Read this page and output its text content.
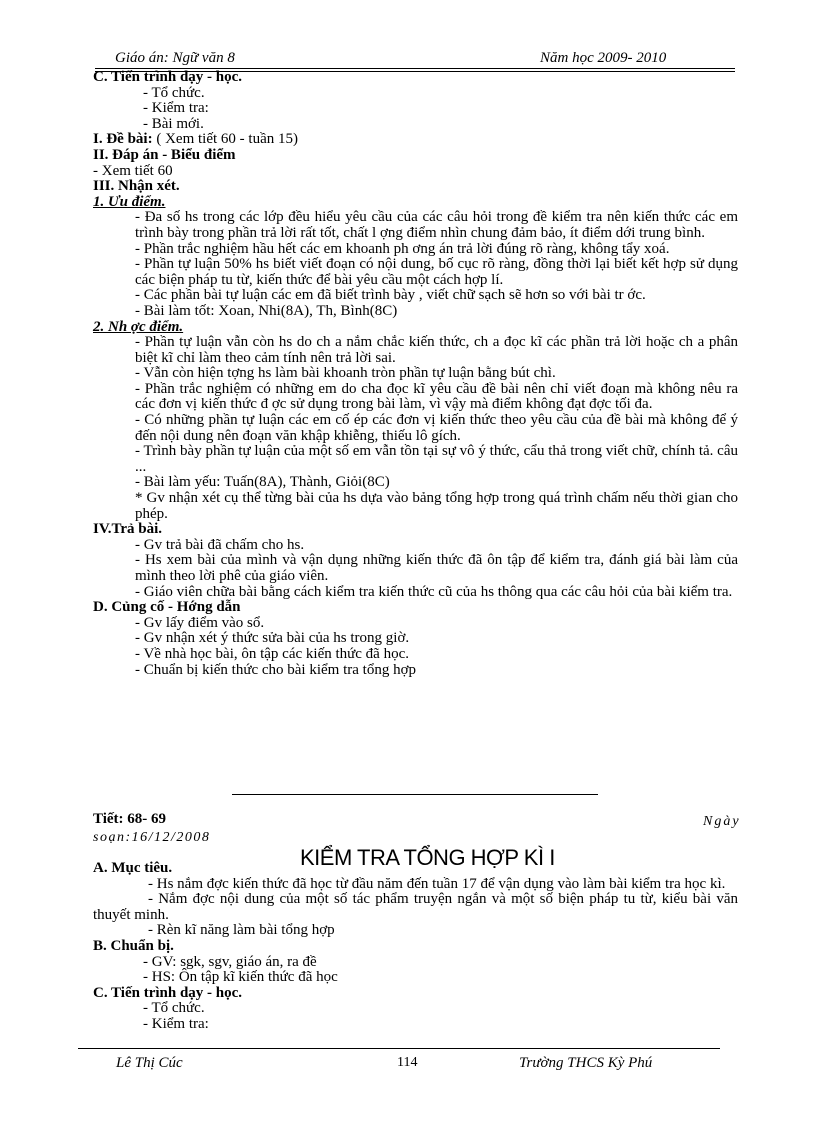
Giáo án: Ngữ văn 8	Năm học 2009- 2010

C. Tiến trình dạy - học.

- Tổ chức.

- Kiểm tra:

- Bài mới.

I. Đề bài: ( Xem tiết 60 - tuần 15)

II. Đáp án - Biểu điểm

- Xem tiết 60

III. Nhận xét.

1. Ưu điểm.

- Đa số hs trong các lớp đều hiểu yêu cầu của các câu hỏi trong đề kiểm tra nên kiến thức các em trình bày trong phần trả lời rất tốt, chất l ợng điểm nhìn chung đảm bảo, ít điểm dới trung bình.

- Phần trắc nghiệm hầu hết các em khoanh ph ơng án trả lời đúng rõ ràng, không tẩy xoá.

- Phần tự luận 50% hs biết viết đoạn có nội dung, bố cục rõ ràng, đồng thời lại biết kết hợp sử dụng các biện pháp tu từ, kiến thức để bài yêu cầu một cách hợp lí.

- Các phần bài tự luận các em đã biết trình bày , viết chữ sạch sẽ hơn so với bài tr ớc.

- Bài làm tốt: Xoan, Nhi(8A), Th, Bình(8C)

2. Nh ợc điểm.

- Phần tự luận vẫn còn hs do ch a nắm chắc kiến thức, ch a đọc kĩ các phần trả lời hoặc ch a phân biệt kĩ chỉ làm theo cảm tính nên trả lời sai.

- Vẫn còn hiện tợng hs làm bài khoanh tròn phần tự luận bằng bút chì.

- Phần trắc nghiệm có những em do cha đọc kĩ yêu cầu đề bài nên chỉ viết đoạn mà không nêu ra các đơn vị kiến thức đ ợc sử dụng trong bài làm, vì vậy mà điểm không đạt đợc tối đa.

- Có những phần tự luận các em cố ép các đơn vị kiến thức theo yêu cầu của đề bài mà không để ý đến nội dung nên đoạn văn khập khiễng, thiếu lô gích.

- Trình bày phần tự luận của một số em vẫn tồn tại sự vô ý thức, cẩu thả trong viết chữ, chính tả. câu ...

- Bài làm yếu: Tuấn(8A), Thành, Giỏi(8C)

* Gv nhận xét cụ thể từng bài của hs dựa vào bảng tổng hợp trong quá trình chấm nếu thời gian cho phép.

IV.Trả bài.

- Gv trả bài đã chấm cho hs.

- Hs xem bài của mình và vận dụng những kiến thức đã ôn tập để kiểm tra, đánh giá bài làm của mình theo lời phê của giáo viên.

- Giáo viên chữa bài bằng cách kiểm tra kiến thức cũ của hs thông qua các câu hỏi của bài kiểm tra.

D. Củng cố - Hớng dẫn

- Gv lấy điểm vào sổ.

- Gv nhận xét ý thức sửa bài của hs trong giờ.

- Về nhà học bài, ôn tập các kiến thức đã học.

- Chuẩn bị kiến thức cho bài kiểm tra tổng hợp

Tiết: 68- 69	Ngày
soạn:16/12/2008
KIỂM TRA TỔNG HỢP KÌ I

A. Mục tiêu.

- Hs nắm đợc kiến thức đã học từ đầu năm đến tuần 17 để vận dụng vào làm bài kiểm tra học kì.

- Nắm đợc nội dung của một số tác phẩm truyện ngắn và một số biện pháp tu từ, kiểu bài văn thuyết minh.

- Rèn kĩ năng làm bài tổng hợp

B. Chuẩn bị.

- GV: sgk, sgv, giáo án, ra đề

- HS: Ôn tập kĩ kiến thức đã học

C. Tiến trình dạy - học.

- Tổ chức.

- Kiểm tra:

Lê Thị Cúc	114	Trường THCS Kỳ Phú
